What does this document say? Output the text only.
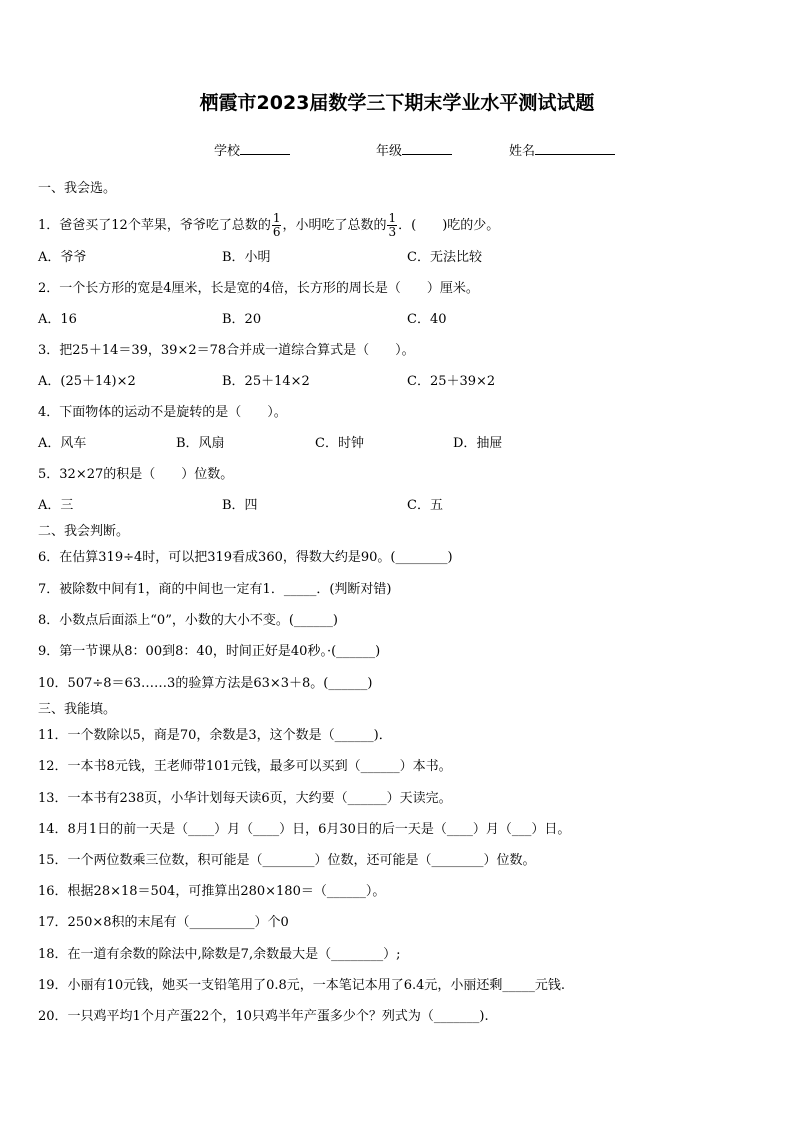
栖霞市2023届数学三下期末学业水平测试试题
学校	年级	姓名
一、我会选。
1．爸爸买了12个苹果，爷爷吃了总数的 $\frac{1}{6}$ ，小明吃了总数的 $\frac{1}{3}$ ．(　　)吃的少。
A．爷爷	B．小明	C．无法比较
2．一个长方形的宽是4厘米，长是宽的4倍，长方形的周长是（　　）厘米。
A．16	B．20	C．40
3．把25＋14＝39，39×2＝78合并成一道综合算式是（　　）。
A．(25＋14)×2	B．25＋14×2	C．25＋39×2
4．下面物体的运动不是旋转的是（　　）。
A．风车	B．风扇	C．时钟	D．抽屉
5．32×27的积是（　　）位数。
A．三	B．四	C．五
二、我会判断。
6．在估算319÷4时，可以把319看成360，得数大约是90。(________)
7．被除数中间有1，商的中间也一定有1．_____．(判断对错)
8．小数点后面添上“0”，小数的大小不变。(______)
9．第一节课从8：00到8：40，时间正好是40秒。·(______)
10．507÷8＝63……3的验算方法是63×3＋8。(______)
三、我能填。
11．一个数除以5，商是70，余数是3，这个数是（______)．
12．一本书8元钱，王老师带101元钱，最多可以买到（______）本书。
13．一本书有238页，小华计划每天读6页，大约要（______）天读完。
14．8月1日的前一天是（____）月（____）日，6月30日的后一天是（____）月（___）日。
15．一个两位数乘三位数，积可能是（________）位数，还可能是（________）位数。
16．根据28×18＝504，可推算出280×180＝（______）。
17．250×8积的末尾有（__________）个0
18．在一道有余数的除法中,除数是7,余数最大是（________）;
19．小丽有10元钱，她买一支铅笔用了0.8元，一本笔记本用了6.4元，小丽还剩_____元钱.
20．一只鸡平均1个月产蛋22个，10只鸡半年产蛋多少个？列式为（_______).
